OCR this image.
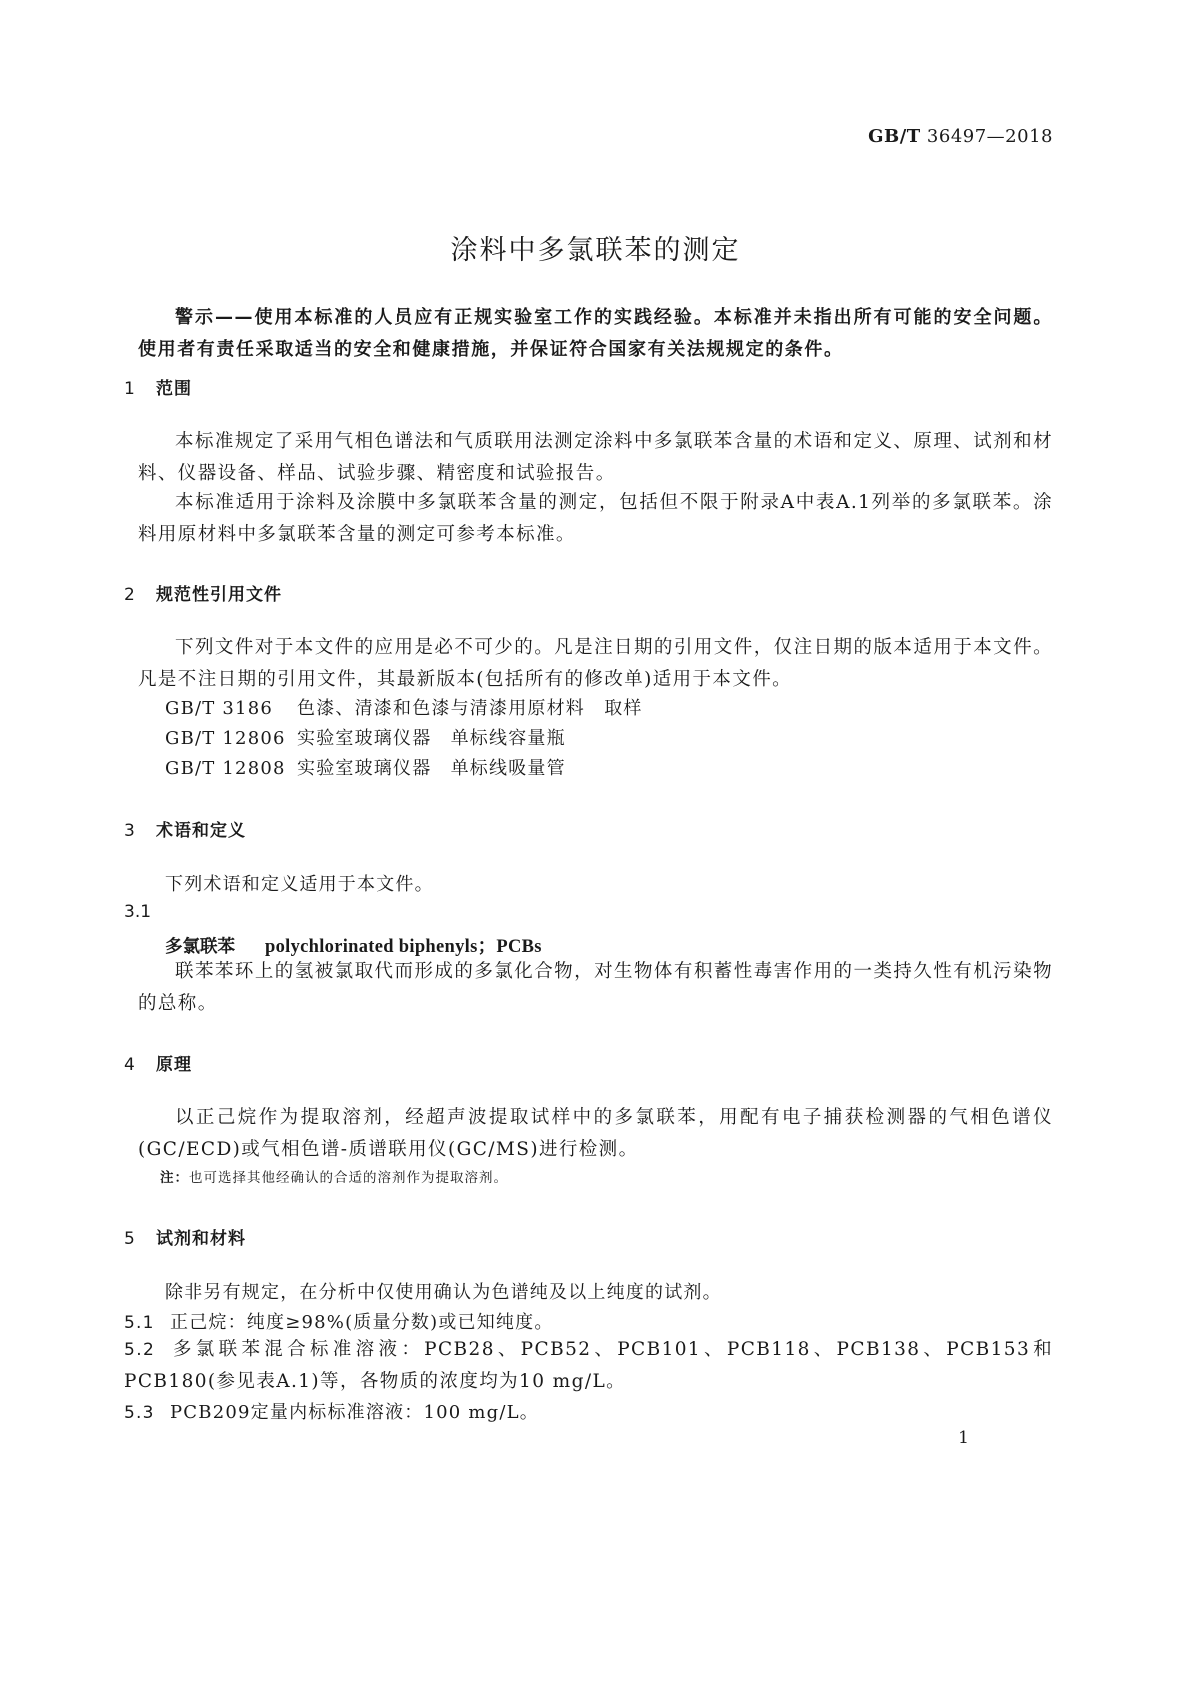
GB/T 36497—2018
涂料中多氯联苯的测定
警示——使用本标准的人员应有正规实验室工作的实践经验。本标准并未指出所有可能的安全问题。使用者有责任采取适当的安全和健康措施，并保证符合国家有关法规规定的条件。
1 范围
本标准规定了采用气相色谱法和气质联用法测定涂料中多氯联苯含量的术语和定义、原理、试剂和材料、仪器设备、样品、试验步骤、精密度和试验报告。
本标准适用于涂料及涂膜中多氯联苯含量的测定，包括但不限于附录A中表A.1列举的多氯联苯。涂料用原材料中多氯联苯含量的测定可参考本标准。
2 规范性引用文件
下列文件对于本文件的应用是必不可少的。凡是注日期的引用文件，仅注日期的版本适用于本文件。凡是不注日期的引用文件，其最新版本(包括所有的修改单)适用于本文件。
GB/T 3186 色漆、清漆和色漆与清漆用原材料　取样
GB/T 12806 实验室玻璃仪器　单标线容量瓶
GB/T 12808 实验室玻璃仪器　单标线吸量管
3 术语和定义
下列术语和定义适用于本文件。
3.1
多氯联苯 polychlorinated biphenyls；PCBs
联苯苯环上的氢被氯取代而形成的多氯化合物，对生物体有积蓄性毒害作用的一类持久性有机污染物的总称。
4 原理
以正己烷作为提取溶剂，经超声波提取试样中的多氯联苯，用配有电子捕获检测器的气相色谱仪(GC/ECD)或气相色谱-质谱联用仪(GC/MS)进行检测。
注：也可选择其他经确认的合适的溶剂作为提取溶剂。
5 试剂和材料
除非另有规定，在分析中仅使用确认为色谱纯及以上纯度的试剂。
5.1 正己烷：纯度≥98%(质量分数)或已知纯度。
5.2 多氯联苯混合标准溶液：PCB28、PCB52、PCB101、PCB118、PCB138、PCB153和PCB180(参见表A.1)等，各物质的浓度均为10 mg/L。
5.3 PCB209定量内标标准溶液：100 mg/L。
1
